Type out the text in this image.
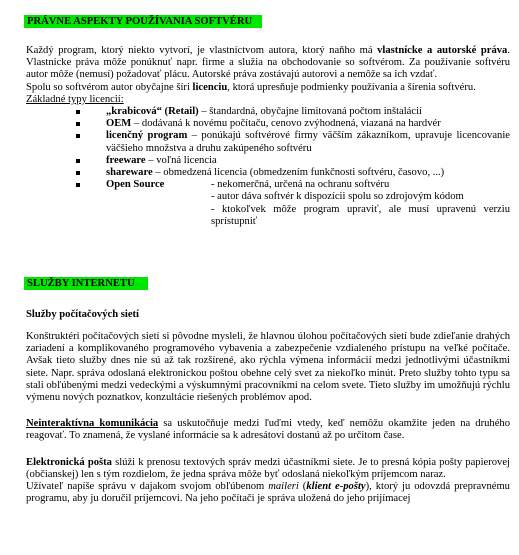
PRÁVNE ASPEKTY POUŽÍVANIA SOFTVÉRU

Každý program, ktorý niekto vytvorí, je vlastníctvom autora, ktorý naňho má vlastnícke a autorské práva. Vlastnícke práva môže ponúknuť napr. firme a služia na obchodovanie so softvérom. Za používanie softvéru autor môže (nemusí) požadovať plácu. Autorské práva zostávajú autorovi a nemôže sa ich vzdať.

Spolu so softvérom autor obyčajne šíri licenciu, ktorá upresňuje podmienky používania a šírenia softvéru.

Základné typy licencií:

„krabicová“ (Retail) – štandardná, obyčajne limitovaná počtom inštalácií
OEM – dodávaná k novému počítaču, cenovo zvýhodnená, viazaná na hardvér
licenčný program – ponúkajú softvérové firmy väčším zákazníkom, upravuje licencovanie väčšieho množstva a druhu zakúpeného softvéru
freeware – voľná licencia
shareware – obmedzená licencia (obmedzením funkčnosti softvéru, časovo, ...)
Open Source	- nekomerčná, určená na ochranu softvéru
- autor dáva softvér k dispozícii spolu so zdrojovým kódom
- ktokoľvek môže program upraviť, ale musí upravenú verziu sprístupniť
SLUŽBY INTERNETU
Služby počítačových sietí

Konštruktéri počítačových sietí si pôvodne mysleli, že hlavnou úlohou počítačových sietí bude zdieľanie drahých zariadení a komplikovaného programového vybavenia a zabezpečenie vzdialeného prístupu na veľké počítače. Avšak tieto služby dnes nie sú až tak rozšírené, ako rýchla výmena informácií medzi jednotlivými účastníkmi siete. Napr. správa odoslaná elektronickou poštou obehne celý svet za niekoľko minút. Preto služby tohto typu sa stali obľúbenými medzi vedeckými a výskumnými pracovníkmi na celom svete. Tieto služby im umožňujú rýchlu výmenu nových poznatkov, konzultácie riešených problémov apod.

Neinteraktívna komunikácia sa uskutočňuje medzi ľuďmi vtedy, keď nemôžu okamžite jeden na druhého reagovať. To znamená, že vyslané informácie sa k adresátovi dostanú až po určitom čase.

Elektronická pošta slúži k prenosu textových správ medzi účastníkmi siete. Je to presná kópia pošty papierovej (občianskej) len s tým rozdielom, že jedna správa môže byť odoslaná niekoľkým príjemcom naraz.

Užívateľ napíše správu v dajakom svojom obľúbenom maileri (klient e-pošty), ktorý ju odovzdá prepravnému programu, aby ju doručil príjemcovi. Na jeho počítači je správa uložená do jeho prijímacej
